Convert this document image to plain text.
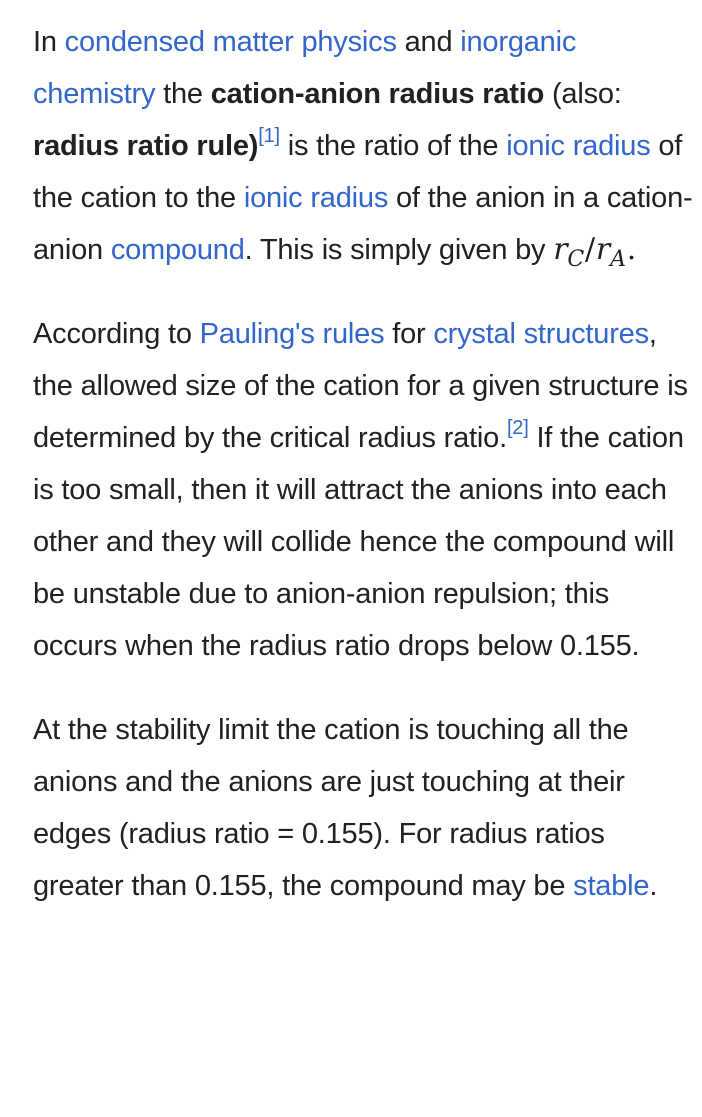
In condensed matter physics and inorganic chemistry the cation-anion radius ratio (also: radius ratio rule)[1] is the ratio of the ionic radius of the cation to the ionic radius of the anion in a cation-anion compound. This is simply given by $r_C/r_A$.

According to Pauling's rules for crystal structures, the allowed size of the cation for a given structure is determined by the critical radius ratio.[2] If the cation is too small, then it will attract the anions into each other and they will collide hence the compound will be unstable due to anion-anion repulsion; this occurs when the radius ratio drops below 0.155.

At the stability limit the cation is touching all the anions and the anions are just touching at their edges (radius ratio = 0.155). For radius ratios greater than 0.155, the compound may be stable.
